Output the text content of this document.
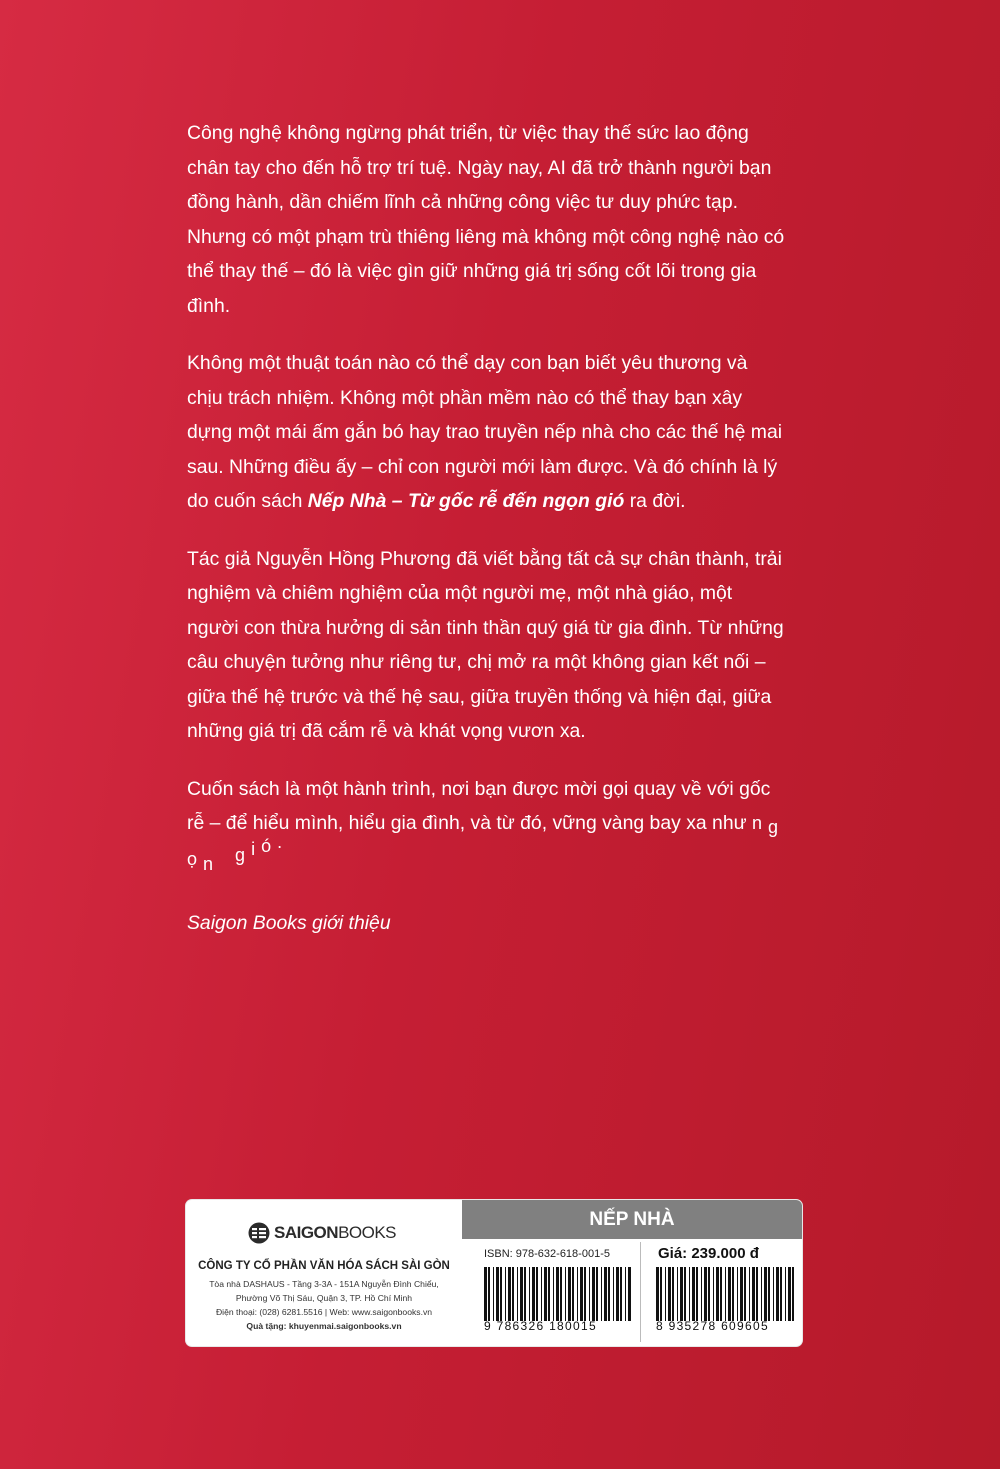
Công nghệ không ngừng phát triển, từ việc thay thế sức lao động chân tay cho đến hỗ trợ trí tuệ. Ngày nay, AI đã trở thành người bạn đồng hành, dần chiếm lĩnh cả những công việc tư duy phức tạp. Nhưng có một phạm trù thiêng liêng mà không một công nghệ nào có thể thay thế – đó là việc gìn giữ những giá trị sống cốt lõi trong gia đình.

Không một thuật toán nào có thể dạy con bạn biết yêu thương và chịu trách nhiệm. Không một phần mềm nào có thể thay bạn xây dựng một mái ấm gắn bó hay trao truyền nếp nhà cho các thế hệ mai sau. Những điều ấy – chỉ con người mới làm được. Và đó chính là lý do cuốn sách Nếp Nhà – Từ gốc rễ đến ngọn gió ra đời.

Tác giả Nguyễn Hồng Phương đã viết bằng tất cả sự chân thành, trải nghiệm và chiêm nghiệm của một người mẹ, một nhà giáo, một người con thừa hưởng di sản tinh thần quý giá từ gia đình. Từ những câu chuyện tưởng như riêng tư, chị mở ra một không gian kết nối – giữa thế hệ trước và thế hệ sau, giữa truyền thống và hiện đại, giữa những giá trị đã cắm rễ và khát vọng vươn xa.

Cuốn sách là một hành trình, nơi bạn được mời gọi quay về với gốc rễ – để hiểu mình, hiểu gia đình, và từ đó, vững vàng bay xa như n gọ n g i ó .

Saigon Books giới thiệu
SAIGONBOOKS
CÔNG TY CỔ PHẦN VĂN HÓA SÁCH SÀI GÒN
Tòa nhà DASHAUS - Tầng 3-3A - 151A Nguyễn Đình Chiểu,
Phường Võ Thị Sáu, Quận 3, TP. Hồ Chí Minh
Điện thoại: (028) 6281.5516 | Web: www.saigonbooks.vn
Quà tặng: khuyenmai.saigonbooks.vn
NẾP NHÀ
ISBN: 978-632-618-001-5	Giá: 239.000 đ
9 786326 180015	8 935278 609605
